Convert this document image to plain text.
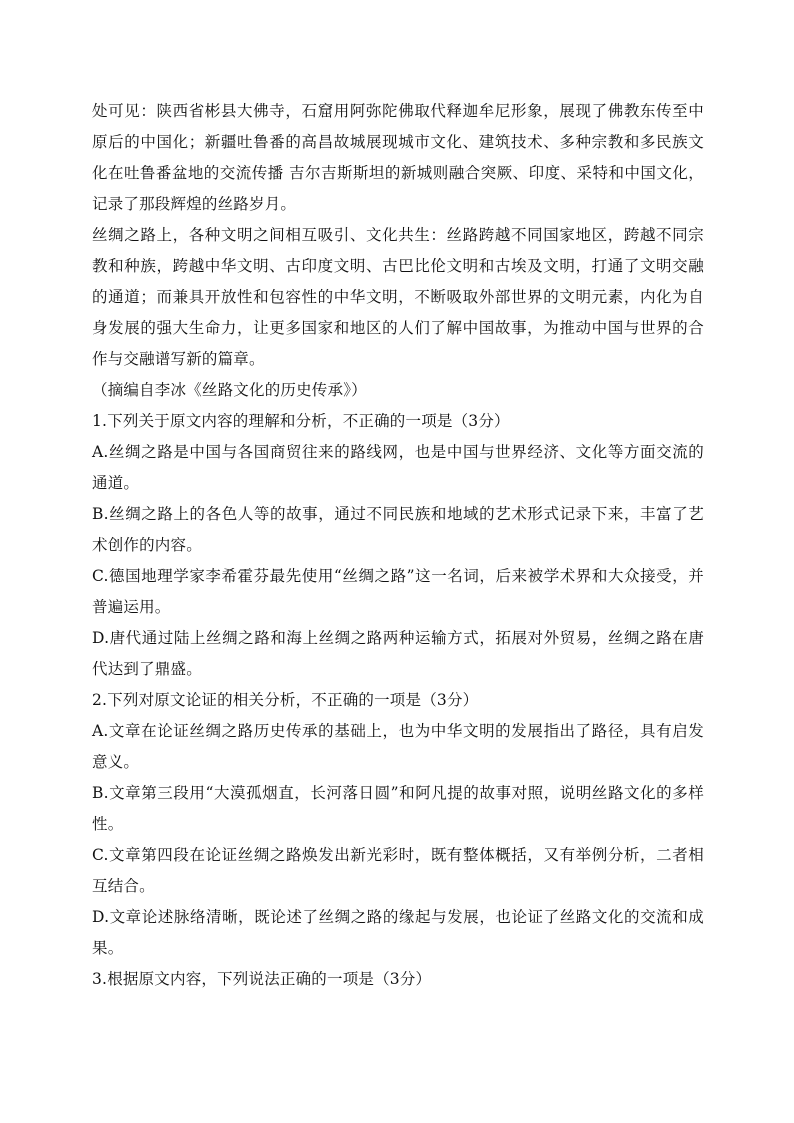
处可见：陕西省彬县大佛寺，石窟用阿弥陀佛取代释迦牟尼形象，展现了佛教东传至中原后的中国化；新疆吐鲁番的高昌故城展现城市文化、建筑技术、多种宗教和多民族文化在吐鲁番盆地的交流传播 吉尔吉斯斯坦的新城则融合突厥、印度、采特和中国文化，记录了那段辉煌的丝路岁月。

丝绸之路上，各种文明之间相互吸引、文化共生：丝路跨越不同国家地区，跨越不同宗教和种族，跨越中华文明、古印度文明、古巴比伦文明和古埃及文明，打通了文明交融的通道；而兼具开放性和包容性的中华文明，不断吸取外部世界的文明元素，内化为自身发展的强大生命力，让更多国家和地区的人们了解中国故事，为推动中国与世界的合作与交融谱写新的篇章。

（摘编自李冰《丝路文化的历史传承》）

1.下列关于原文内容的理解和分析，不正确的一项是（3分）

A.丝绸之路是中国与各国商贸往来的路线网，也是中国与世界经济、文化等方面交流的通道。

B.丝绸之路上的各色人等的故事，通过不同民族和地域的艺术形式记录下来，丰富了艺术创作的内容。

C.德国地理学家李希霍芬最先使用“丝绸之路”这一名词，后来被学术界和大众接受，并普遍运用。

D.唐代通过陆上丝绸之路和海上丝绸之路两种运输方式，拓展对外贸易，丝绸之路在唐代达到了鼎盛。

2.下列对原文论证的相关分析，不正确的一项是（3分）

A.文章在论证丝绸之路历史传承的基础上，也为中华文明的发展指出了路径，具有启发意义。

B.文章第三段用“大漠孤烟直，长河落日圆”和阿凡提的故事对照，说明丝路文化的多样性。

C.文章第四段在论证丝绸之路焕发出新光彩时，既有整体概括，又有举例分析，二者相互结合。

D.文章论述脉络清晰，既论述了丝绸之路的缘起与发展，也论证了丝路文化的交流和成果。

3.根据原文内容，下列说法正确的一项是（3分）
